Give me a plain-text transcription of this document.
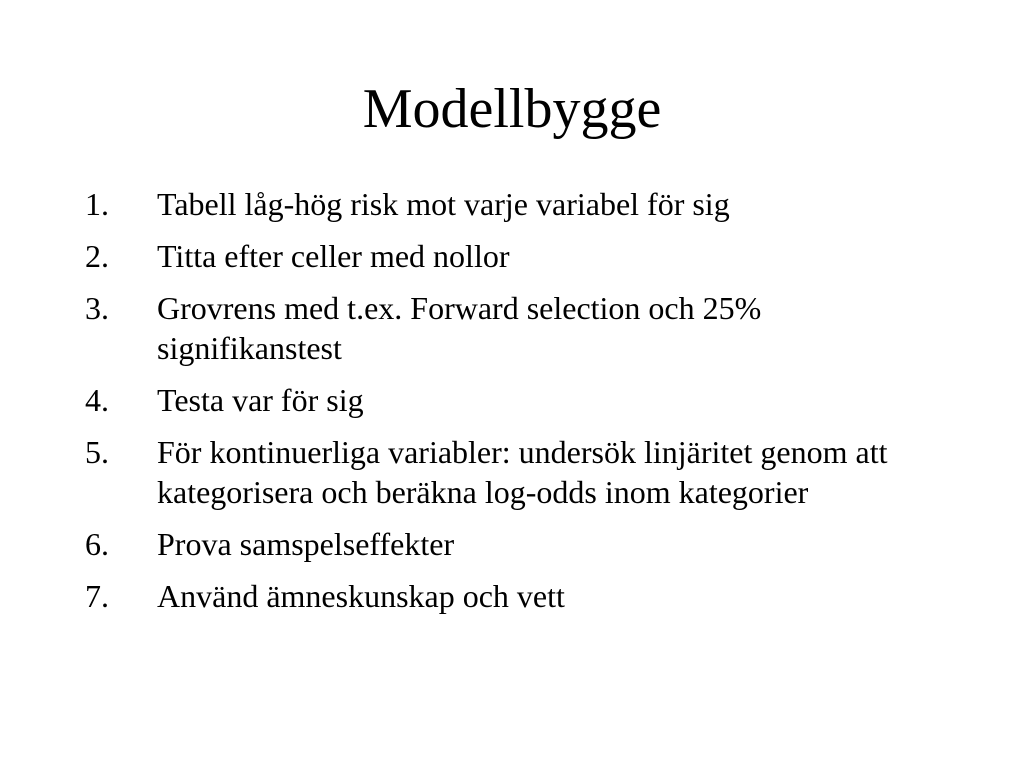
Modellbygge
1.	Tabell låg-hög risk mot varje variabel för sig
2.	Titta efter celler med nollor
3.	Grovrens med t.ex. Forward selection och 25% signifikanstest
4.	Testa var för sig
5.	För kontinuerliga variabler: undersök linjäritet genom att kategorisera och beräkna log-odds inom kategorier
6.	Prova samspelseffekter
7.	Använd ämneskunskap och vett
